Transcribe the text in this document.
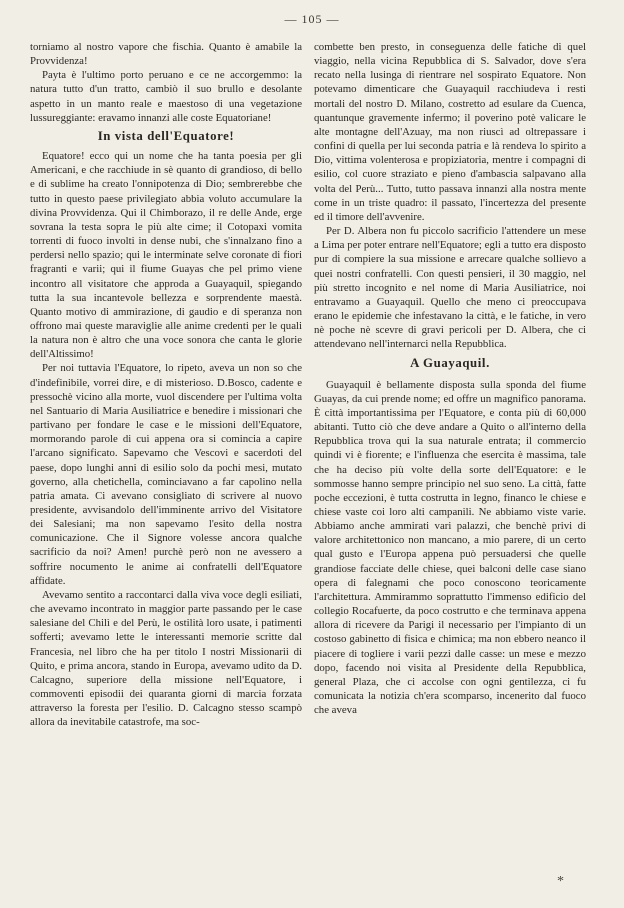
— 105 —

torniamo al nostro vapore che fischia. Quanto è amabile la Provvidenza!

Payta è l'ultimo porto peruano e ce ne accorgemmo: la natura tutto d'un tratto, cambiò il suo brullo e desolante aspetto in un manto reale e maestoso di una vegetazione lussureggiante: eravamo innanzi alle coste Equatoriane!

In vista dell'Equatore!

Equatore! ecco qui un nome che ha tanta poesia per gli Americani, e che racchiude in sè quanto di grandioso, di bello e di sublime ha creato l'onnipotenza di Dio; sembrerebbe che tutto in questo paese privilegiato abbia voluto accumulare la divina Provvidenza. Qui il Chimborazo, il re delle Ande, erge sovrana la testa sopra le più alte cime; il Cotopaxi vomita torrenti di fuoco involti in dense nubi, che s'innalzano fino a perdersi nello spazio; qui le interminate selve coronate di fiori fragranti e varii; qui il fiume Guayas che pel primo viene incontro all visitatore che approda a Guayaquil, spiegando tutta la sua incantevole bellezza e sorprendente maestà. Quanto motivo di ammirazione, di gaudio e di speranza non offrono mai queste maraviglie alle anime credenti per le quali la natura non è altro che una voce sonora che canta le glorie dell'Altissimo!

Per noi tuttavia l'Equatore, lo ripeto, aveva un non so che d'indefinibile, vorrei dire, e di misterioso. D.Bosco, cadente e pressochè vicino alla morte, vuol discendere per l'ultima volta nel Santuario di Maria Ausiliatrice e benedire i missionari che partivano per fondare le case e le missioni dell'Equatore, mormorando parole di cui appena ora si comincia a capire l'arcano significato. Sapevamo che Vescovi e sacerdoti del paese, dopo lunghi anni di esilio solo da pochi mesi, mutato governo, alla chetichella, cominciavano a far capolino nella patria amata. Ci avevano consigliato di scrivere al nuovo presidente, avvisandolo dell'imminente arrivo del Visitatore dei Salesiani; ma non sapevamo l'esito della nostra comunicazione. Che il Signore volesse ancora qualche sacrificio da noi? Amen! purchè però non ne avessero a soffrire nocumento le anime ai confratelli dell'Equatore affidate.

Avevamo sentito a raccontarci dalla viva voce degli esiliati, che avevamo incontrato in maggior parte passando per le case salesiane del Chilì e del Perù, le ostilità loro usate, i patimenti sofferti; avevamo lette le interessanti memorie scritte dal Francesia, nel libro che ha per titolo I nostri Missionarii di Quito, e prima ancora, stando in Europa, avevamo udito da D. Calcagno, superiore della missione nell'Equatore, i commoventi episodii dei quaranta giorni di marcia forzata attraverso la foresta per l'esilio. D. Calcagno stesso scampò allora da inevitabile catastrofe, ma soc-

combette ben presto, in conseguenza delle fatiche di quel viaggio, nella vicina Repubblica di S. Salvador, dove s'era recato nella lusinga di rientrare nel sospirato Equatore. Non potevamo dimenticare che Guayaquil racchiudeva i resti mortali del nostro D. Milano, costretto ad esulare da Cuenca, quantunque gravemente infermo; il poverino potè valicare le alte montagne dell'Azuay, ma non riuscì ad oltrepassare i confini di quella per lui seconda patria e là rendeva lo spirito a Dio, vittima volenterosa e propiziatoria, mentre i compagni di esilio, col cuore straziato e pieno d'ambascia salpavano alla volta del Perù... Tutto, tutto passava innanzi alla nostra mente come in un triste quadro: il passato, l'incertezza del presente ed il timore dell'avvenire.

Per D. Albera non fu piccolo sacrificio l'attendere un mese a Lima per poter entrare nell'Equatore; egli a tutto era disposto pur di compiere la sua missione e arrecare qualche sollievo a quei nostri confratelli. Con questi pensieri, il 30 maggio, nel più stretto incognito e nel nome di Maria Ausiliatrice, noi entravamo a Guayaquil. Quello che meno ci preoccupava erano le epidemie che infestavano la città, e le fatiche, in vero nè poche nè scevre di gravi pericoli per D. Albera, che ci attendevano nell'internarci nella Repubblica.

A Guayaquil.

Guayaquil è bellamente disposta sulla sponda del fiume Guayas, da cui prende nome; ed offre un magnifico panorama. È città importantissima per l'Equatore, e conta più di 60,000 abitanti. Tutto ciò che deve andare a Quito o all'interno della Repubblica trova qui la sua naturale entrata; il commercio quindi vi è fiorente; e l'influenza che esercita è massima, tale che ha deciso più volte della sorte dell'Equatore: e le sommosse hanno sempre principio nel suo seno. La città, fatte poche eccezioni, è tutta costrutta in legno, financo le chiese e chiese vaste coi loro alti campanili. Ne abbiamo viste varie. Abbiamo anche ammirati vari palazzi, che benchè privi di valore architettonico non mancano, a mio parere, di un certo qual gusto e l'Europa appena può persuadersi che quelle grandiose facciate delle chiese, quei balconi delle case siano opera di falegnami che poco conoscono teoricamente l'architettura. Ammirammo soprattutto l'immenso edificio del collegio Rocafuerte, da poco costrutto e che terminava appena allora di ricevere da Parigi il necessario per l'impianto di un costoso gabinetto di fisica e chimica; ma non ebbero neanco il piacere di togliere i varii pezzi dalle casse: un mese e mezzo dopo, facendo noi visita al Presidente della Repubblica, general Plaza, che ci accolse con ogni gentilezza, ci fu comunicata la notizia ch'era scomparso, incenerito dal fuoco che aveva

*
